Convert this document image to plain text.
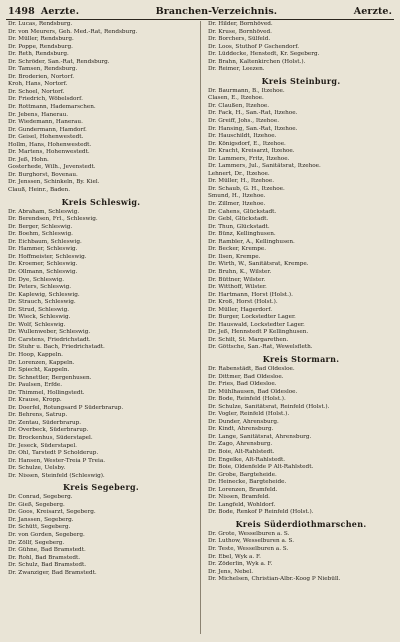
1498 Aerzte.	Branchen-Verzeichnis.	Aerzte.
Dr. Lucas, Rendsburg.
Dr. von Meurers, Geh. Med.-Rat, Rendsburg.
Dr. Müller, Rendsburg.
Dr. Poppe, Rendsburg.
Dr. Reth, Rendsburg.
Dr. Schröder, San.-Rat, Rendsburg.
Dr. Tamsen, Rendsburg.
Dr. Broderien, Nortorf.
Kroh, Hans, Nortorf.
Dr. Schoel, Nortorf.
Dr. Friedrich, Wöbelsdorf.
Dr. Rottmann, Hademarschen.
Dr. Jebens, Hanerau.
Dr. Wiedemann, Hanerau.
Dr. Gundermann, Hamdorf.
Dr. Geisel, Hohenwestedt.
Hollm, Hans, Hohenwestedt.
Dr. Martens, Hohenwestedt.
Dr. Jeß, Hohn.
Gosterhede, Wilh., Jevenstedt.
Dr. Burghorst, Bovenau.
Dr. Jenssen, Schinkeln, By. Kiel.
Clauß, Heinr., Baden.
Kreis Schleswig.
Dr. Abraham, Schleswig.
Dr. Berendsen, Frl., Schleswig.
Dr. Berger, Schleswig.
Dr. Boehm, Schleswig.
Dr. Eichbaum, Schleswig.
Dr. Hammer, Schleswig.
Dr. Hoffmeister, Schleswig.
Dr. Kroemer, Schleswig.
Dr. Ollmann, Schleswig.
Dr. Dye, Schleswig.
Dr. Peters, Schleswig.
Dr. Kaplewig, Schleswig.
Dr. Strauch, Schleswig.
Dr. Strud, Schleswig.
Dr. Wieck, Schleswig.
Dr. Wolf, Schleswig.
Dr. Wullenweber, Schleswig.
Dr. Carstens, Friedrichstadt.
Dr. Stuhr u. Bach, Friedrichstadt.
Dr. Hoop, Kappeln.
Dr. Lorenzen, Kappeln.
Dr. Spiecht, Kappeln.
Dr. Schnettler, Bergenhusen.
Dr. Paulsen, Erfde.
Dr. Thimmel, Hollingstedt.
Dr. Krause, Kropp.
Dr. Doerfel, Rotungsard P Süderbrarup.
Dr. Behrens, Satrup.
Dr. Zentau, Süderbrarup.
Dr. Overbeck, Süderbrarup.
Dr. Brockenhus, Süderstapel.
Dr. Jeseck, Süderstapel.
Dr. Ohl, Tarstedt P Scholderup.
Dr. Hansen, Wester-Treia P Treia.
Dr. Schulze, Uelsby.
Dr. Nissen, Steinfeld (Schleswig).
Kreis Segeberg.
Dr. Conrad, Segeberg.
Dr. Gieß, Segeberg.
Dr. Goos, Kreisarzt, Segeberg.
Dr. Janssen, Segeberg.
Dr. Schütt, Segeberg.
Dr. von Gorden, Segeberg.
Dr. Zöllf, Segeberg.
Dr. Gühne, Bad Bramstedt.
Dr. Rohl, Bad Bramstedt.
Dr. Schulz, Bad Bramstedt.
Dr. Zwanziger, Bad Bramstedt.
Dr. Hilder, Bornhöved.
Dr. Kruse, Bornhöved.
Dr. Borchers, Sülfeld.
Dr. Loos, Stuthof P Gschendorf.
Dr. Lüddecke, Henstedt, Kr. Segeberg.
Dr. Brahn, Kaltenkirchen (Holst.).
Dr. Reimer, Leezen.
Kreis Steinburg.
Dr. Baurmann, B., Itzehoe.
Clasen, E., Itzehoe.
Dr. Claußen, Itzehoe.
Dr. Fack, H., San.-Rat, Itzehoe.
Dr. Greiff, Johs., Itzehoe.
Dr. Hansing, San.-Rat, Itzehoe.
Dr. Hauschildt, Itzehoe.
Dr. Königsdorf, E., Itzehoe.
Dr. Kracht, Kreisarzt, Itzehoe.
Dr. Lammers, Fritz, Itzehoe.
Dr. Lammers, Jul., Sanitätsrat, Itzehoe.
Lehnert, Dr., Itzehoe.
Dr. Müller, H., Itzehoe.
Dr. Schaub, G. H., Itzehoe.
Smund, H., Itzehoe.
Dr. Zillmer, Itzehoe.
Dr. Cahens, Glückstadt.
Dr. Gebl, Glückstadt.
Dr. Thun, Glückstadt.
Dr. Bünz, Kellinghusen.
Dr. Rambler, A., Kellinghusen.
Dr. Becker, Krempe.
Dr. Ilsen, Krempe.
Dr. Wirth, W., Sanitätsrat, Krempe.
Dr. Bruhn, K., Wilster.
Dr. Büttner, Wilster.
Dr. Witthoff, Wilster.
Dr. Hartmann, Horst (Holst.).
Dr. Kroß, Horst (Holst.).
Dr. Müller, Hagerdorf.
Dr. Burger, Lockstedter Lager.
Dr. Hauswald, Lockstedter Lager.
Dr. Jeß, Hennstedt P Kellinghusen.
Dr. Schilt, St. Margarethen.
Dr. Göttsche, San.-Rat, Wewelsfleth.
Kreis Stormarn.
Dr. Rabenstädt, Bad Oldesloe.
Dr. Dittmer, Bad Oldesloe.
Dr. Fries, Bad Oldesloe.
Dr. Mühlhausen, Bad Oldesloe.
Dr. Bode, Reinfeld (Holst.).
Dr. Schulze, Sanitätsrat, Reinfeld (Holst.).
Dr. Vogler, Reinfeld (Holst.).
Dr. Dunder, Ahrensburg.
Dr. Kindt, Ahrensburg.
Dr. Lange, Sanitätsrat, Ahrensburg.
Dr. Zago, Ahrensburg.
Dr. Boie, Alt-Rahlstedt.
Dr. Engelke, Alt-Rahlstedt.
Dr. Boie, Oldenfelde P Alt-Rahlstedt.
Dr. Grobe, Bargteheide.
Dr. Heinecke, Bargteheide.
Dr. Lorenzen, Bramfeld.
Dr. Nissen, Bramfeld.
Dr. Langfeld, Wohldorf.
Dr. Bode, Renkof P Reinfeld (Holst.).
Kreis Süderdiothmarschen.
Dr. Grote, Wesselburen a. S.
Dr. Luthow, Wesselburen a. S.
Dr. Teste, Wesselburen a. S.
Dr. Ebel, Wyk a. F.
Dr. Zöderlin, Wyk a. F.
Dr. Jens, Nebel.
Dr. Michelsen, Christian-Albr.-Koog P Niebüll.
